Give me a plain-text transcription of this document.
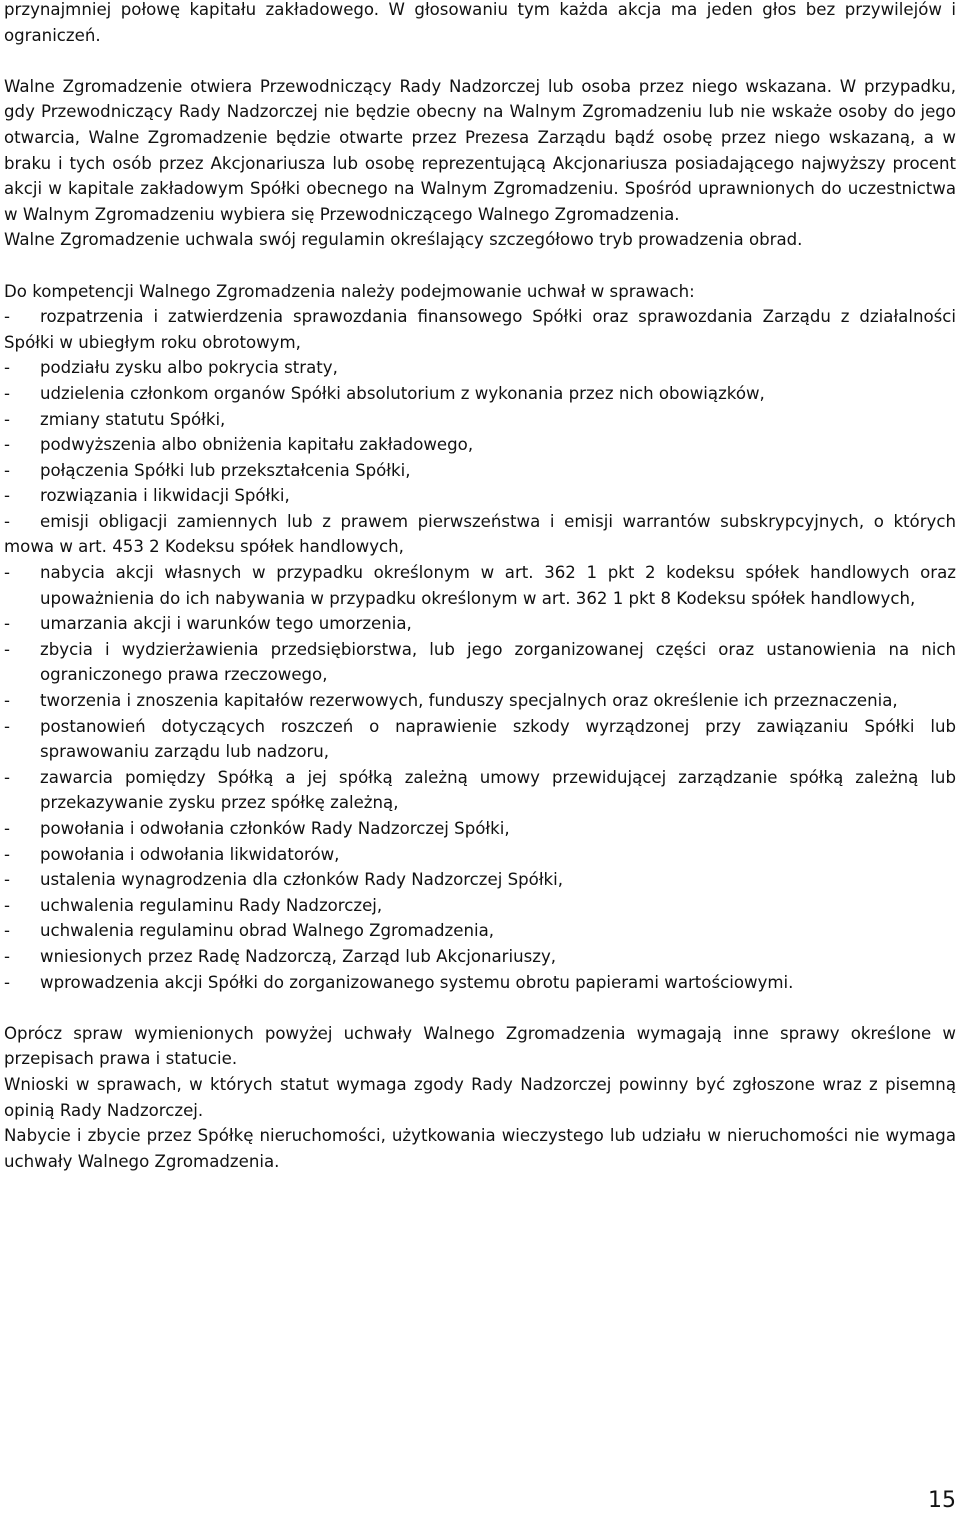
przynajmniej połowę kapitału zakładowego. W głosowaniu tym każda akcja ma jeden głos bez przywilejów i ograniczeń.

Walne Zgromadzenie otwiera Przewodniczący Rady Nadzorczej lub osoba przez niego wskazana. W przypadku, gdy Przewodniczący Rady Nadzorczej nie będzie obecny na Walnym Zgromadzeniu lub nie wskaże osoby do jego otwarcia, Walne Zgromadzenie będzie otwarte przez Prezesa Zarządu bądź osobę przez niego wskazaną, a w braku i tych osób przez Akcjonariusza lub osobę reprezentującą Akcjonariusza posiadającego najwyższy procent akcji w kapitale zakładowym Spółki obecnego na Walnym Zgromadzeniu. Spośród uprawnionych do uczestnictwa w Walnym Zgromadzeniu wybiera się Przewodniczącego Walnego Zgromadzenia.

Walne Zgromadzenie uchwala swój regulamin określający szczegółowo tryb prowadzenia obrad.

Do kompetencji Walnego Zgromadzenia należy podejmowanie uchwał w sprawach:

-	rozpatrzenia i zatwierdzenia sprawozdania finansowego Spółki oraz sprawozdania Zarządu z działalności Spółki w ubiegłym roku obrotowym,
-	podziału zysku albo pokrycia straty,
-	udzielenia członkom organów Spółki absolutorium z wykonania przez nich obowiązków,
-	zmiany statutu Spółki,
-	podwyższenia albo obniżenia kapitału zakładowego,
-	połączenia Spółki lub przekształcenia Spółki,
-	rozwiązania i likwidacji Spółki,
-	emisji obligacji zamiennych lub z prawem pierwszeństwa i emisji warrantów subskrypcyjnych, o których mowa w art. 453 2 Kodeksu spółek handlowych,
-	nabycia akcji własnych w przypadku określonym w art. 362 1 pkt 2 kodeksu spółek handlowych oraz upoważnienia do ich nabywania w przypadku określonym w art. 362 1 pkt 8 Kodeksu spółek handlowych,
-	umarzania akcji i warunków tego umorzenia,
-	zbycia i wydzierżawienia przedsiębiorstwa, lub jego zorganizowanej części oraz ustanowienia na nich ograniczonego prawa rzeczowego,
-	tworzenia i znoszenia kapitałów rezerwowych, funduszy specjalnych oraz określenie ich przeznaczenia,
-	postanowień dotyczących roszczeń o naprawienie szkody wyrządzonej przy zawiązaniu Spółki lub sprawowaniu zarządu lub nadzoru,
-	zawarcia pomiędzy Spółką a jej spółką zależną umowy przewidującej zarządzanie spółką zależną lub przekazywanie zysku przez spółkę zależną,
-	powołania i odwołania członków Rady Nadzorczej Spółki,
-	powołania i odwołania likwidatorów,
-	ustalenia wynagrodzenia dla członków Rady Nadzorczej Spółki,
-	uchwalenia regulaminu Rady Nadzorczej,
-	uchwalenia regulaminu obrad Walnego Zgromadzenia,
-	wniesionych przez Radę Nadzorczą, Zarząd lub Akcjonariuszy,
-	wprowadzenia akcji Spółki do zorganizowanego systemu obrotu papierami wartościowymi.

Oprócz spraw wymienionych powyżej uchwały Walnego Zgromadzenia wymagają inne sprawy określone w przepisach prawa i statucie.

Wnioski w sprawach, w których statut wymaga zgody Rady Nadzorczej powinny być zgłoszone wraz z pisemną opinią Rady Nadzorczej.

Nabycie i zbycie przez Spółkę nieruchomości, użytkowania wieczystego lub udziału w nieruchomości nie wymaga uchwały Walnego Zgromadzenia.

15
